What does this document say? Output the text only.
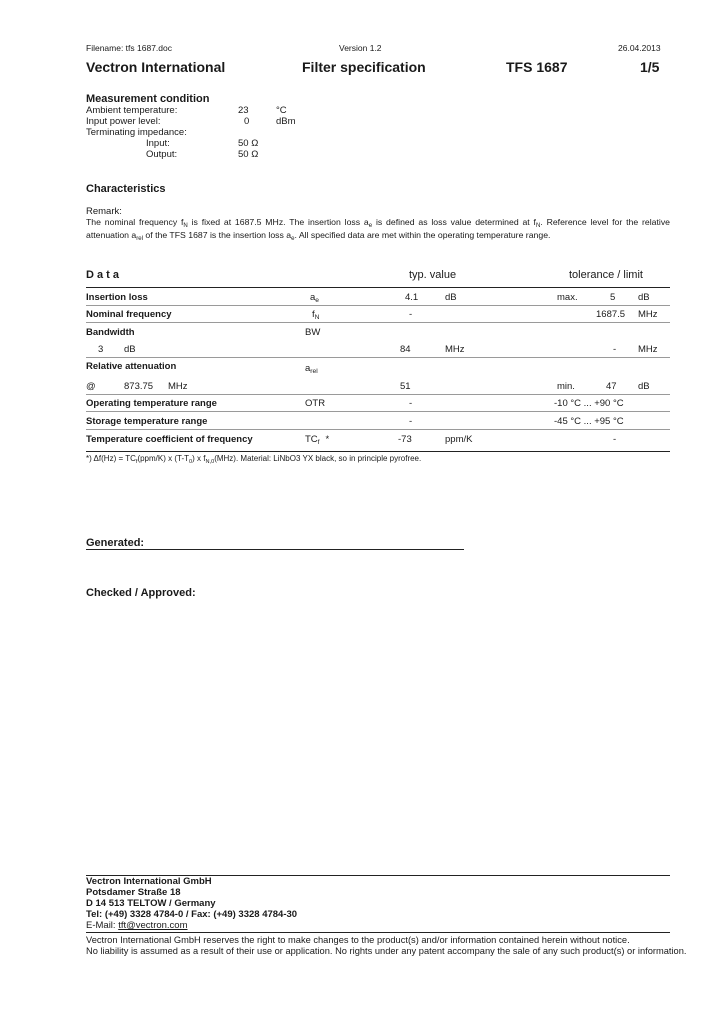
Filename: tfs 1687.doc	Version 1.2	26.04.2013
Vectron International	Filter specification	TFS 1687	1/5
Measurement condition
Ambient temperature:	23	°C
Input power level:	0	dBm
Terminating impedance:
Input:	50 Ω
Output:	50 Ω
Characteristics
Remark:
The nominal frequency $f_N$ is fixed at 1687.5 MHz. The insertion loss $a_e$ is defined as loss value determined at $f_N$. Reference level for the relative
attenuation $a_{rel}$ of the TFS 1687 is the insertion loss $a_e$. All specified data are met within the operating temperature range.
D a t a	typ. value	tolerance / limit
Insertion loss	$a_e$	4.1	dB	max.	5 dB
Nominal frequency	$f_N$	-	1687.5 MHz
Bandwidth	BW
3 dB	84	MHz	- MHz
Relative attenuation	$a_{rel}$
@	873.75 MHz	51	min.	47 dB
Operating temperature range	OTR	-	-10 °C ... +90 °C
Storage temperature range	-	-45 °C ... +95 °C
Temperature coefficient of frequency	$TC_f$ *	-73	ppm/K	-
*) $\Delta f(Hz) = TC_f(ppm/K)$ x $(T-T_0)$ x $f_{N,0}(MHz)$. Material: LiNbO3 YX black, so in principle pyrofree.
Generated:
Checked / Approved:
Vectron International GmbH
Potsdamer Straße 18
D 14 513 TELTOW / Germany
Tel: (+49) 3328 4784-0 / Fax: (+49) 3328 4784-30
E-Mail: tft@vectron.com
Vectron International GmbH reserves the right to make changes to the product(s) and/or information contained herein without notice.
No liability is assumed as a result of their use or application. No rights under any patent accompany the sale of any such product(s) or information.
